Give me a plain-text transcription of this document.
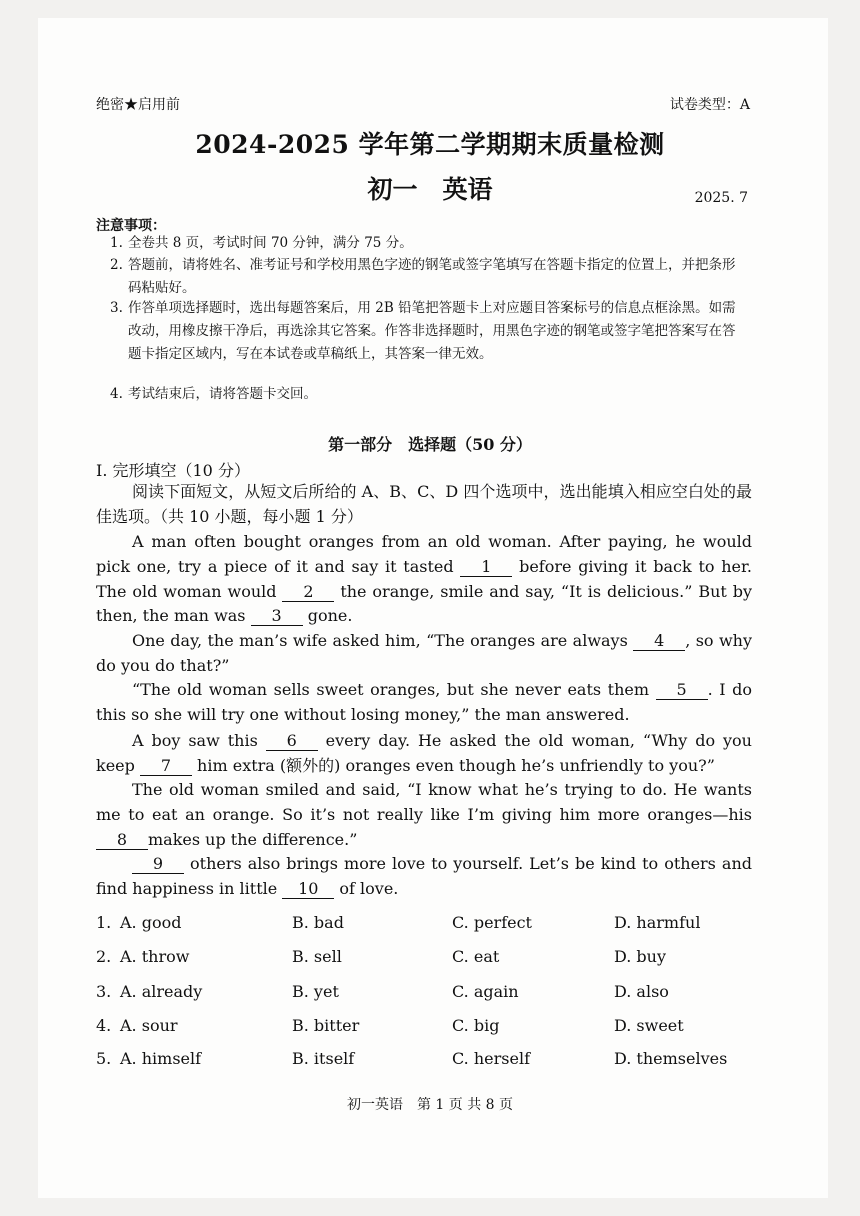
绝密★启用前	试卷类型：A
2024-2025 学年第二学期期末质量检测
初一　英语	2025. 7
注意事项：
1. 全卷共 8 页，考试时间 70 分钟，满分 75 分。
2. 答题前，请将姓名、准考证号和学校用黑色字迹的钢笔或签字笔填写在答题卡指定的位置上，并把条形码粘贴好。
3. 作答单项选择题时，选出每题答案后，用 2B 铅笔把答题卡上对应题目答案标号的信息点框涂黑。如需改动，用橡皮擦干净后，再选涂其它答案。作答非选择题时，用黑色字迹的钢笔或签字笔把答案写在答题卡指定区域内，写在本试卷或草稿纸上，其答案一律无效。
4. 考试结束后，请将答题卡交回。
第一部分　选择题（50 分）
I. 完形填空（10 分）
阅读下面短文，从短文后所给的 A、B、C、D 四个选项中，选出能填入相应空白处的最佳选项。（共 10 小题，每小题 1 分）
A man often bought oranges from an old woman. After paying, he would pick one, try a piece of it and say it tasted 1 before giving it back to her. The old woman would 2 the orange, smile and say, “It is delicious.” But by then, the man was 3 gone.
One day, the man’s wife asked him, “The oranges are always 4 , so why do you do that?”
“The old woman sells sweet oranges, but she never eats them 5 . I do this so she will try one without losing money,” the man answered.
A boy saw this 6 every day. He asked the old woman, “Why do you keep 7 him extra (额外的) oranges even though he’s unfriendly to you?”
The old woman smiled and said, “I know what he’s trying to do. He wants me to eat an orange. So it’s not really like I’m giving him more oranges—his 8 makes up the difference.”
9 others also brings more love to yourself. Let’s be kind to others and find happiness in little 10 of love.
1. A. good	B. bad	C. perfect	D. harmful
2. A. throw	B. sell	C. eat	D. buy
3. A. already	B. yet	C. again	D. also
4. A. sour	B. bitter	C. big	D. sweet
5. A. himself	B. itself	C. herself	D. themselves
初一英语　第 1 页 共 8 页
